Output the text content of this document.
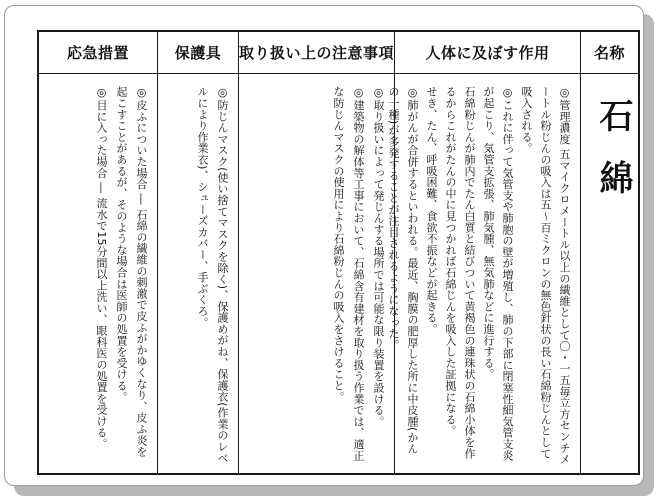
応急措置

◎皮ふについた場合 ― 石綿の繊維の刺激で皮ふがかゆくなり、皮ふ炎を起こすことがあるが、そのような場合は医師の処置を受ける。

◎目に入った場合 ― 流水で15分間以上洗い、眼科医の処置を受ける。

保護具

◎防じんマスク(使い捨てマスクを除く)、保護めがね、保護衣(作業のレベルにより作業衣)、シューズカバー、手ぶくろ。

取り扱い上の注意事項

◎取り扱いによって発じんする場所では可能な限り装置を設ける。

◎建築物の解体等工事において、石綿含有建材を取り扱う作業では、適正な防じんマスクの使用により石綿粉じんの吸入をさけること。

人体に及ぼす作用

◎管理濃度 五マイクロメートル以上の繊維として〇・一五毎立方センチメートル粉じんの吸入は五～百ミクロンの無色針状の長い石綿粉じんとして吸入される。

◎これに伴って気管支や肺胞の壁が増殖し、肺の下部に閉塞性細気管支炎が起こり、気管支拡張、肺気腫、無気肺などに進行する。

石綿粉じんが肺内でたん白質と結びついて黄褐色の連珠状の石綿小体を作るからこれがたんの中に見つかれば石綿じんを吸入した証拠になる。

せき、たん、呼吸困難、食欲不振などが起きる。

◎肺がんが合併するといわれる。最近、胸膜の肥厚した所に中皮腫(かんの一種)が多発することが注目されるようになった。

名称
石綿
